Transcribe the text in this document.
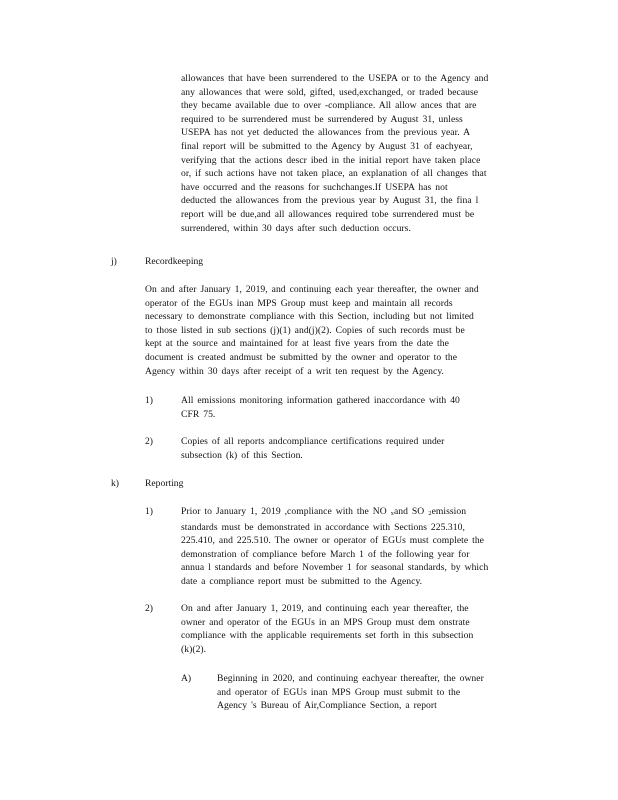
allowances that have been surrendered to the USEPA or to the Agency and
any allowances that were sold, gifted, used,exchanged, or traded because
they became available due to over -compliance. All allow ances that are
required to be surrendered must be surrendered by August 31, unless
USEPA has not yet deducted the allowances from the previous year. A
final report will be submitted to the Agency by August 31 of eachyear,
verifying that the actions descr ibed in the initial report have taken place
or, if such actions have not taken place, an explanation of all changes that
have occurred and the reasons for suchchanges.If USEPA has not
deducted the allowances from the previous year by August 31, the fina l
report will be due,and all allowances required tobe surrendered must be
surrendered, within 30 days after such deduction occurs.
j)	Recordkeeping
On and after January 1, 2019, and continuing each year thereafter, the owner and
operator of the EGUs inan MPS Group must keep and maintain all records
necessary to demonstrate compliance with this Section, including but not limited
to those listed in sub sections (j)(1) and(j)(2). Copies of such records must be
kept at the source and maintained for at least five years from the date the
document is created andmust be submitted by the owner and operator to the
Agency within 30 days after receipt of a writ ten request by the Agency.
1)	All emissions monitoring information gathered inaccordance with 40
CFR 75.
2)	Copies of all reports andcompliance certifications required under
subsection (k) of this Section.
k)	Reporting
1)	Prior to January 1, 2019 ,compliance with the NO $_x$and SO $_2$emission
standards must be demonstrated in accordance with Sections 225.310,
225.410, and 225.510. The owner or operator of EGUs must complete the
demonstration of compliance before March 1 of the following year for
annua l standards and before November 1 for seasonal standards, by which
date a compliance report must be submitted to the Agency.
2)	On and after January 1, 2019, and continuing each year thereafter, the
owner and operator of the EGUs in an MPS Group must dem onstrate
compliance with the applicable requirements set forth in this subsection
(k)(2).
A)	Beginning in 2020, and continuing eachyear thereafter, the owner
and operator of EGUs inan MPS Group must submit to the
Agency 's Bureau of Air,Compliance Section, a report
